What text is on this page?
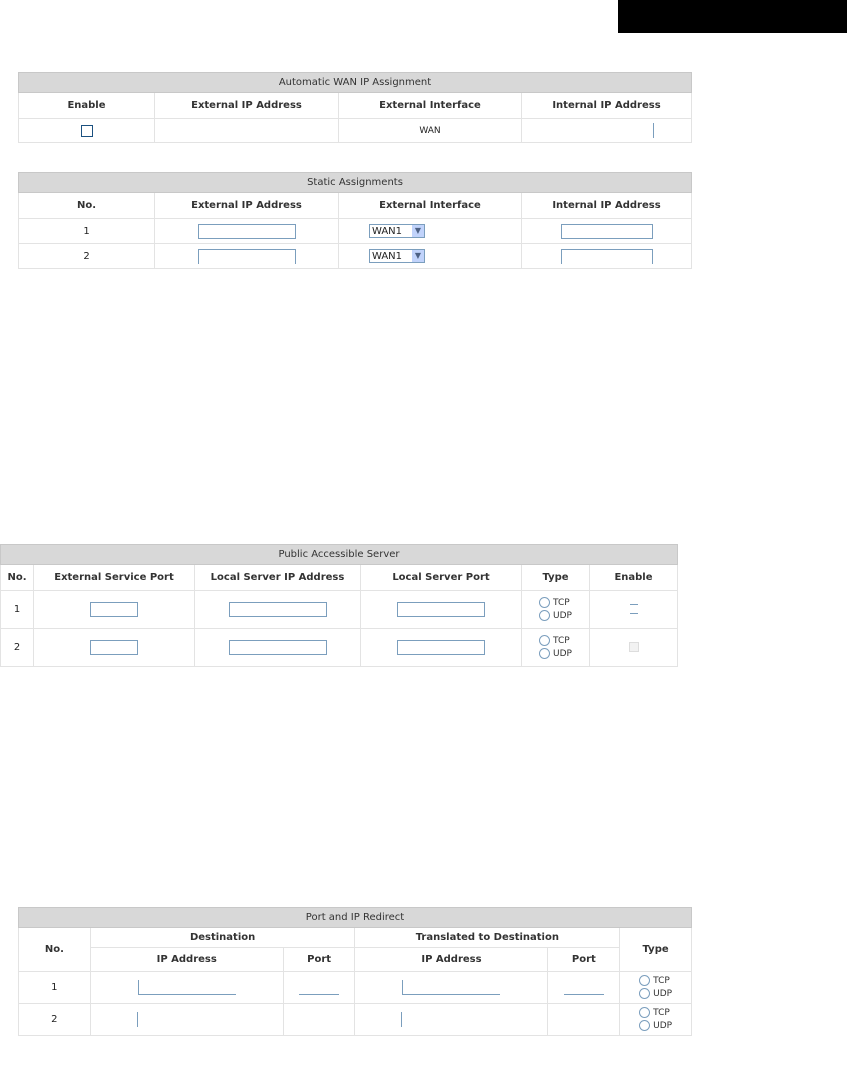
Automatic WAN IP Assignment			
Enable	External IP Address	External Interface	Internal IP Address
		WAN	
Static Assignments			
No.	External IP Address	External Interface	Internal IP Address
1		WAN1 ▼	

2		WAN1 ▼	

Public Accessible Server					
No.	External Service Port	Local Server IP Address	Local Server Port	Type	Enable
1				TCP
UDP	

2				TCP
UDP	

Port and IP Redirect					
No.	Destination		Translated to Destination		Type
	IP Address	Port	IP Address	Port	
1					TCP
UDP

2					TCP
UDP
